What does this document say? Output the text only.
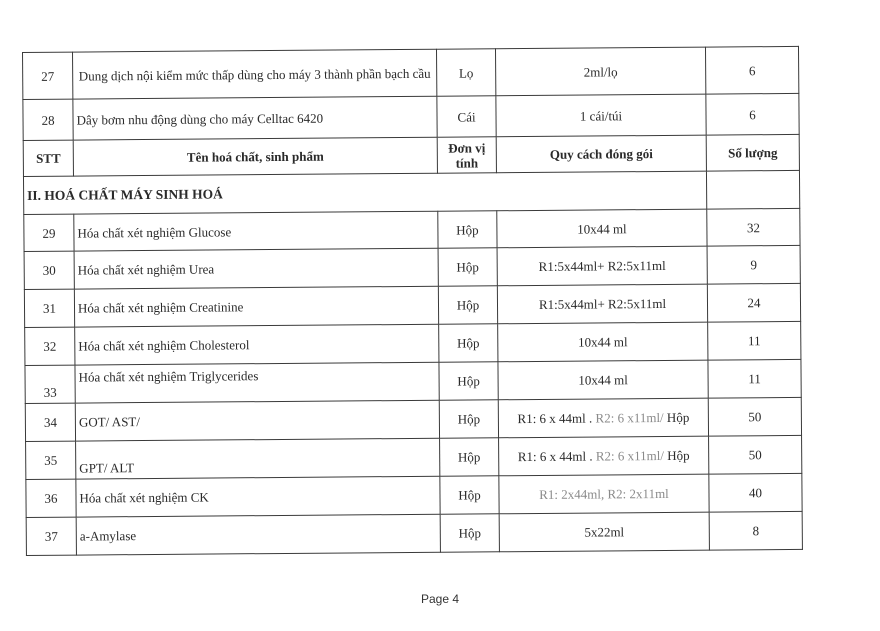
27	Dung dịch nội kiểm mức thấp dùng cho máy 3 thành phần bạch cầu	Lọ	2ml/lọ	6
28	Dây bơm nhu động dùng cho máy Celltac 6420	Cái	1 cái/túi	6
STT	Tên hoá chất, sinh phẩm	Đơn vị tính	Quy cách đóng gói	Số lượng
II. HOÁ CHẤT MÁY SINH HOÁ				
29	Hóa chất xét nghiệm Glucose	Hộp	10x44 ml	32
30	Hóa chất xét nghiệm Urea	Hộp	R1:5x44ml+ R2:5x11ml	9
31	Hóa chất xét nghiệm Creatinine	Hộp	R1:5x44ml+ R2:5x11ml	24
32	Hóa chất xét nghiệm Cholesterol	Hộp	10x44 ml	11
33	Hóa chất xét nghiệm Triglycerides	Hộp	10x44 ml	11
34	GOT/ AST/	Hộp	R1: 6 x 44ml . R2: 6 x11ml/ Hộp	50
35	GPT/ ALT	Hộp	R1: 6 x 44ml . R2: 6 x11ml/ Hộp	50
36	Hóa chất xét nghiệm CK	Hộp	R1: 2x44ml, R2: 2x11ml	40
37	a-Amylase	Hộp	5x22ml	8
Page 4
